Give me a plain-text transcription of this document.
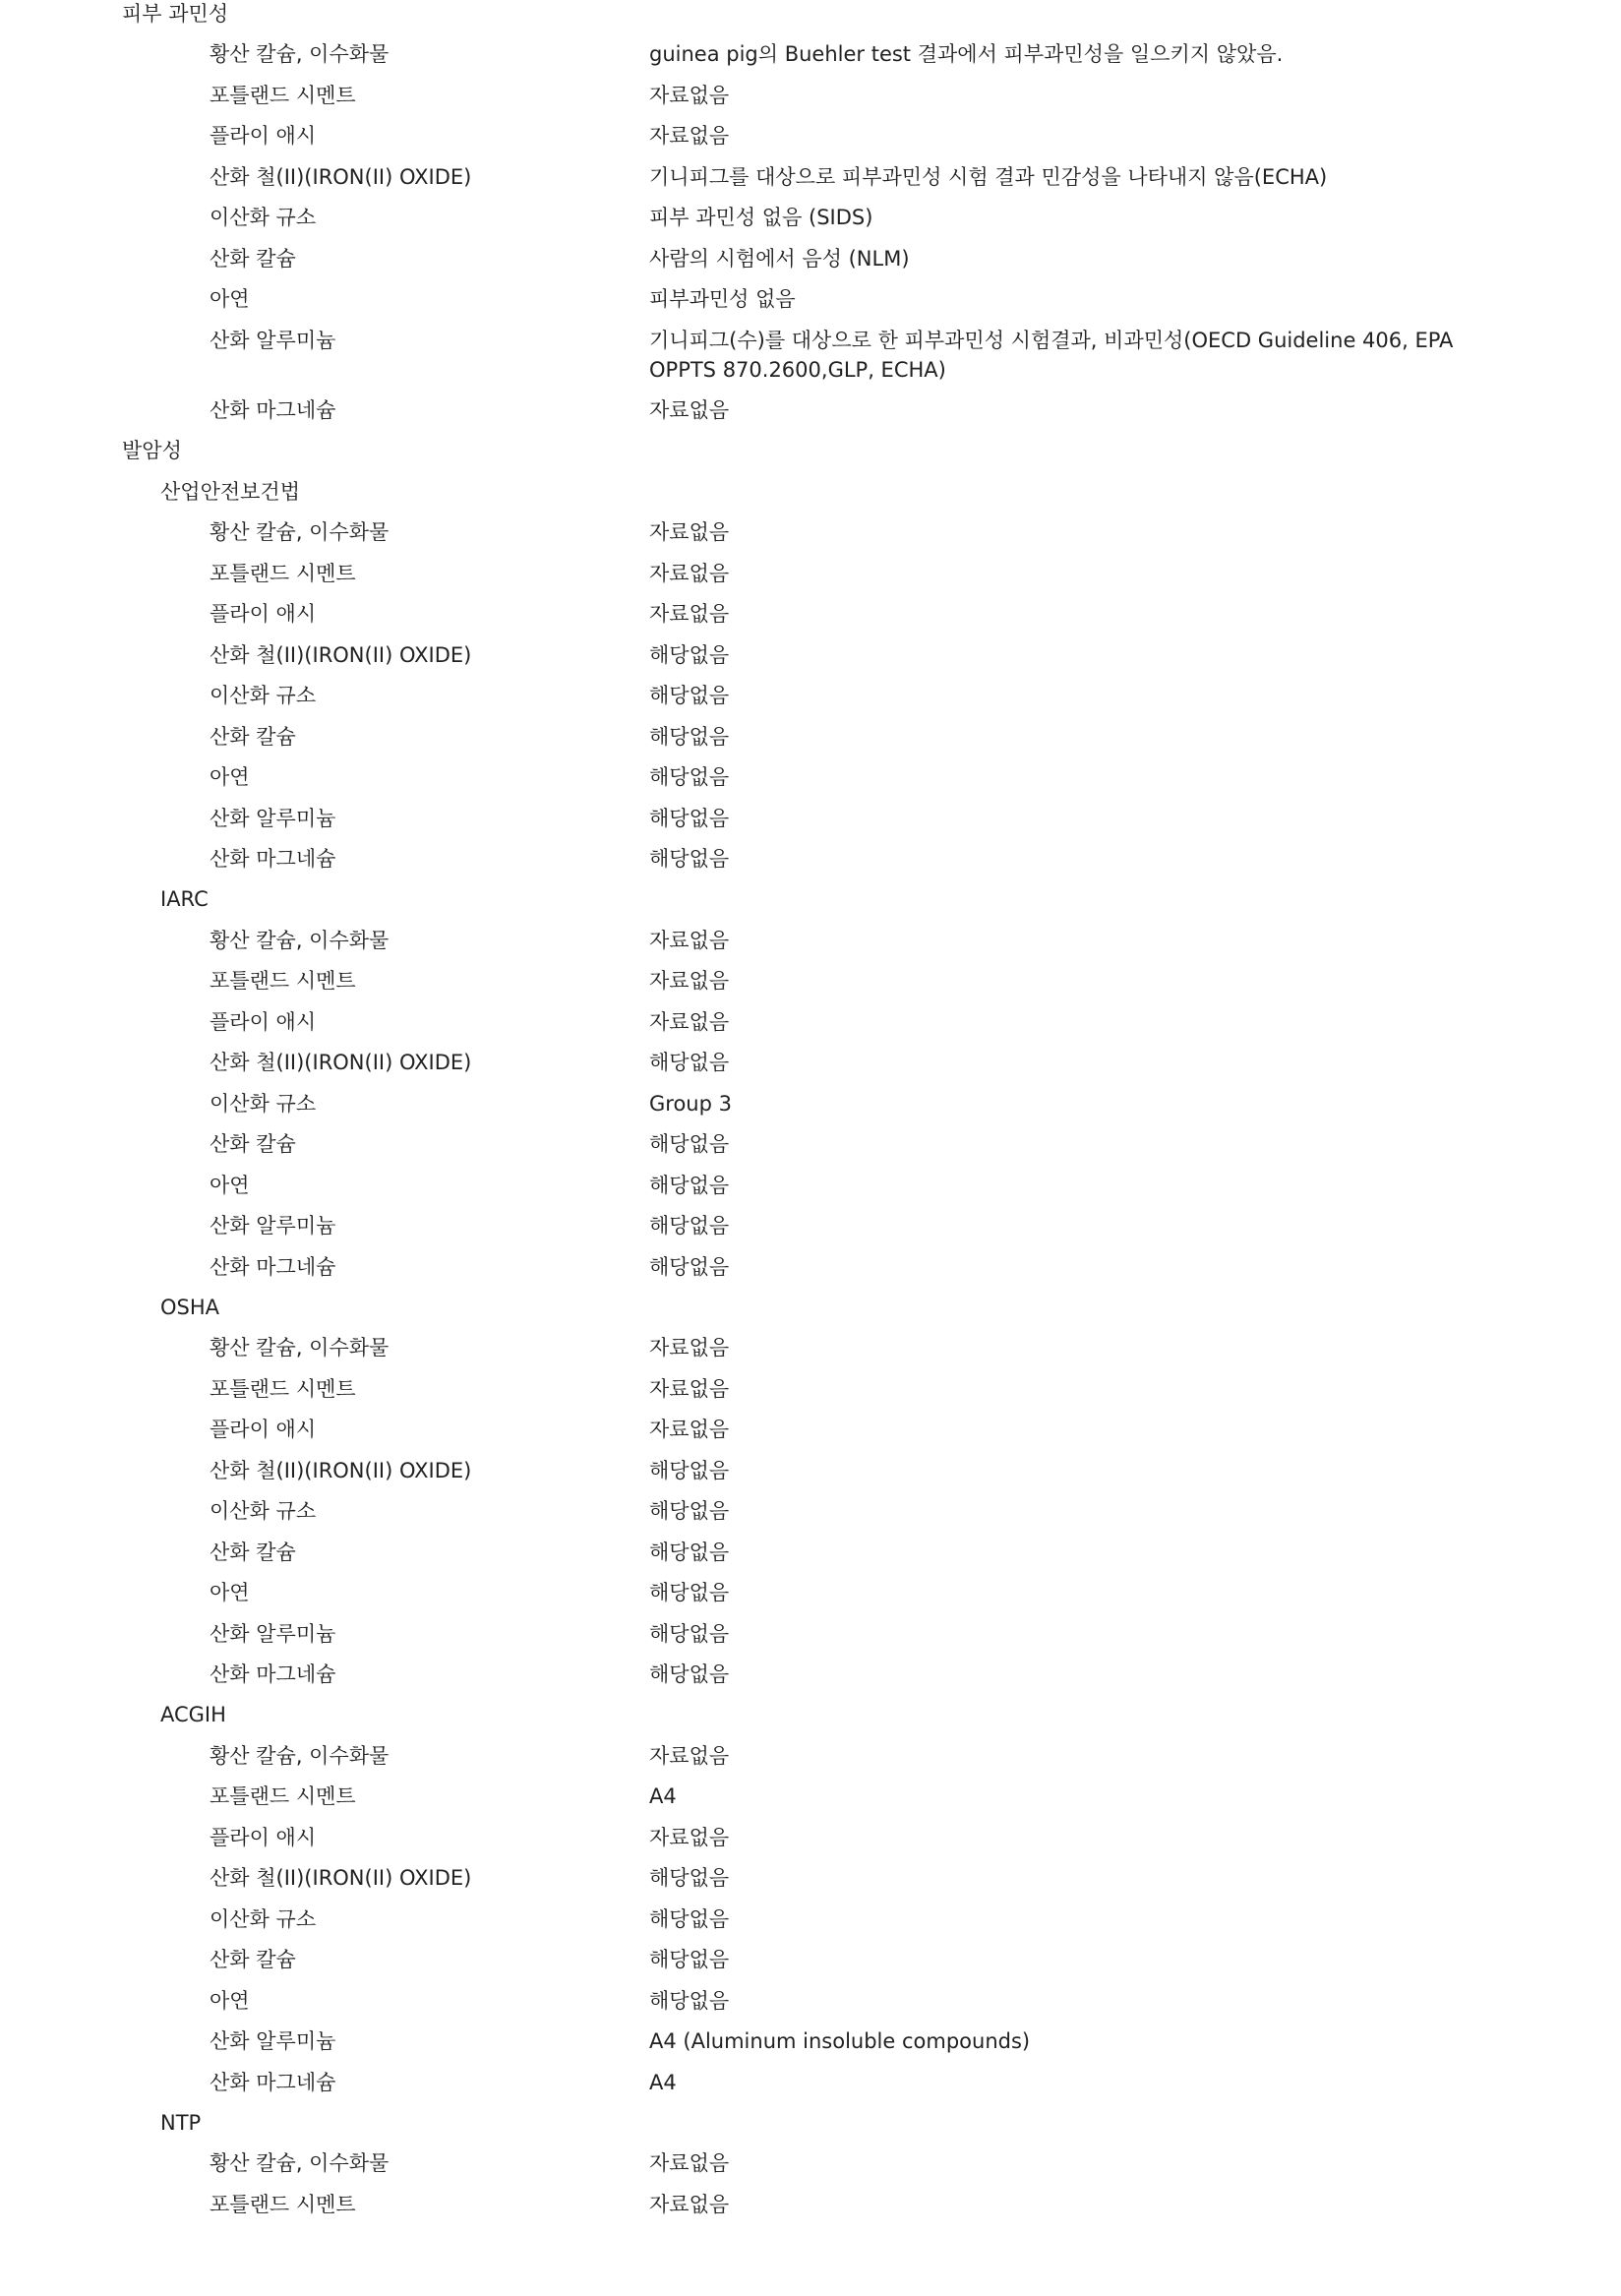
피부 과민성
황산 칼슘, 이수화물	guinea pig의 Buehler test 결과에서 피부과민성을 일으키지 않았음.
포틀랜드 시멘트	자료없음
플라이 애시	자료없음
산화 철(II)(IRON(II) OXIDE)	기니피그를 대상으로 피부과민성 시험 결과 민감성을 나타내지 않음(ECHA)
이산화 규소	피부 과민성 없음 (SIDS)
산화 칼슘	사람의 시험에서 음성 (NLM)
아연	피부과민성 없음
산화 알루미늄	기니피그(수)를 대상으로 한 피부과민성 시험결과, 비과민성(OECD Guideline 406, EPA OPPTS 870.2600,GLP, ECHA)
산화 마그네슘	자료없음
발암성
산업안전보건법
황산 칼슘, 이수화물	자료없음
포틀랜드 시멘트	자료없음
플라이 애시	자료없음
산화 철(II)(IRON(II) OXIDE)	해당없음
이산화 규소	해당없음
산화 칼슘	해당없음
아연	해당없음
산화 알루미늄	해당없음
산화 마그네슘	해당없음
IARC
황산 칼슘, 이수화물	자료없음
포틀랜드 시멘트	자료없음
플라이 애시	자료없음
산화 철(II)(IRON(II) OXIDE)	해당없음
이산화 규소	Group 3
산화 칼슘	해당없음
아연	해당없음
산화 알루미늄	해당없음
산화 마그네슘	해당없음
OSHA
황산 칼슘, 이수화물	자료없음
포틀랜드 시멘트	자료없음
플라이 애시	자료없음
산화 철(II)(IRON(II) OXIDE)	해당없음
이산화 규소	해당없음
산화 칼슘	해당없음
아연	해당없음
산화 알루미늄	해당없음
산화 마그네슘	해당없음
ACGIH
황산 칼슘, 이수화물	자료없음
포틀랜드 시멘트	A4
플라이 애시	자료없음
산화 철(II)(IRON(II) OXIDE)	해당없음
이산화 규소	해당없음
산화 칼슘	해당없음
아연	해당없음
산화 알루미늄	A4 (Aluminum insoluble compounds)
산화 마그네슘	A4
NTP
황산 칼슘, 이수화물	자료없음
포틀랜드 시멘트	자료없음
